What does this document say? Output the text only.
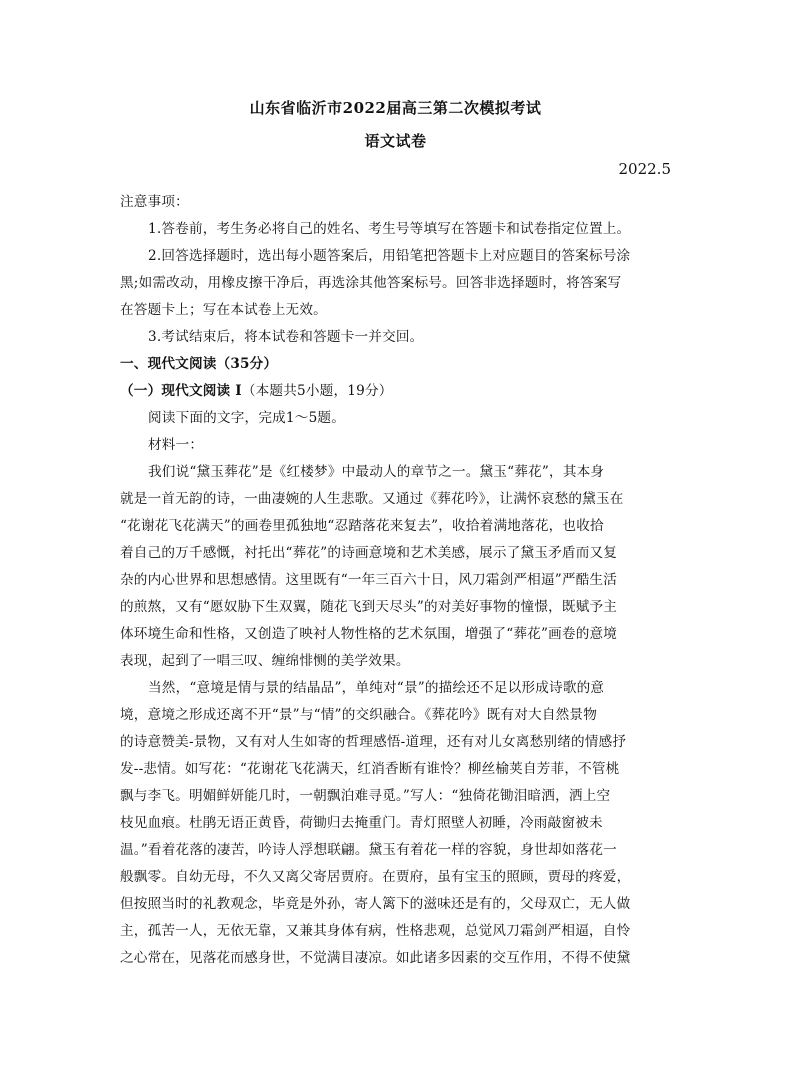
山东省临沂市2022届高三第二次模拟考试
语文试卷
2022.5
注意事项：
1.答卷前，考生务必将自己的姓名、考生号等填写在答题卡和试卷指定位置上。
2.回答选择题时，选出每小题答案后，用铅笔把答题卡上对应题目的答案标号涂
黑;如需改动，用橡皮擦干净后，再选涂其他答案标号。回答非选择题时，将答案写
在答题卡上；写在本试卷上无效。
3.考试结束后，将本试卷和答题卡一并交回。
一、现代文阅读（35分）
（一）现代文阅读 Ⅰ（本题共5小题，19分）
阅读下面的文字，完成1～5题。
材料一：
我们说“黛玉葬花”是《红楼梦》中最动人的章节之一。黛玉“葬花”，其本身
就是一首无韵的诗，一曲凄婉的人生悲歌。又通过《葬花吟》，让满怀哀愁的黛玉在
“花谢花飞花满天”的画卷里孤独地“忍踏落花来复去”，收拾着满地落花，也收拾
着自己的万千感慨，衬托出“葬花”的诗画意境和艺术美感，展示了黛玉矛盾而又复
杂的内心世界和思想感情。这里既有“一年三百六十日，风刀霜剑严相逼”严酷生活
的煎熬，又有“愿奴胁下生双翼，随花飞到天尽头”的对美好事物的憧憬，既赋予主
体环境生命和性格，又创造了映衬人物性格的艺术氛围，增强了“葬花”画卷的意境
表现，起到了一唱三叹、缠绵悱恻的美学效果。
当然，“意境是情与景的结晶品”，单纯对“景”的描绘还不足以形成诗歌的意
境，意境之形成还离不开“景”与“情”的交织融合。《葬花吟》既有对大自然景物
的诗意赞美-景物，又有对人生如寄的哲理感悟-道理，还有对儿女离愁别绪的情感抒
发--悲情。如写花：“花谢花飞花满天，红消香断有谁怜？柳丝榆荚自芳菲，不管桃
飘与李飞。明媚鲜妍能几时，一朝飘泊难寻觅。”写人：“独倚花锄泪暗洒，洒上空
枝见血痕。杜鹃无语正黄昏，荷锄归去掩重门。青灯照壁人初睡，冷雨敲窗被未
温。”看着花落的凄苦，吟诗人浮想联翩。黛玉有着花一样的容貌，身世却如落花一
般飘零。自幼无母，不久又离父寄居贾府。在贾府，虽有宝玉的照顾，贾母的疼爱，
但按照当时的礼教观念，毕竟是外孙，寄人篱下的滋味还是有的，父母双亡，无人做
主，孤苦一人，无依无靠，又兼其身体有病，性格悲观，总觉风刀霜剑严相逼，自怜
之心常在，见落花而感身世，不觉满目凄凉。如此诸多因素的交互作用，不得不使黛
